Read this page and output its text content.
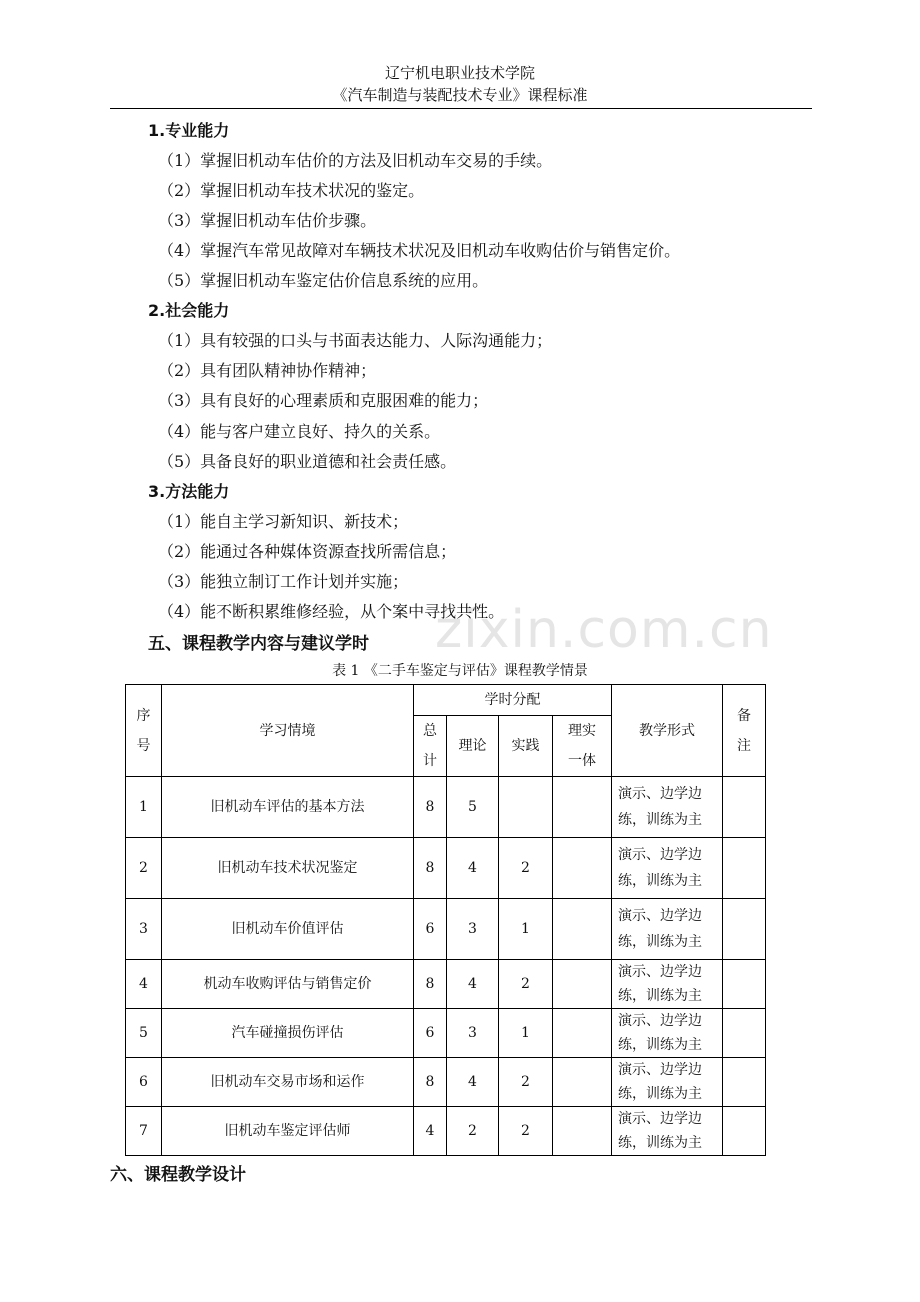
辽宁机电职业技术学院
《汽车制造与装配技术专业》课程标准
zixin.com.cn
1.专业能力
（1）掌握旧机动车估价的方法及旧机动车交易的手续。
（2）掌握旧机动车技术状况的鉴定。
（3）掌握旧机动车估价步骤。
（4）掌握汽车常见故障对车辆技术状况及旧机动车收购估价与销售定价。
（5）掌握旧机动车鉴定估价信息系统的应用。
2.社会能力
（1）具有较强的口头与书面表达能力、人际沟通能力；
（2）具有团队精神协作精神；
（3）具有良好的心理素质和克服困难的能力；
（4）能与客户建立良好、持久的关系。
（5）具备良好的职业道德和社会责任感。
3.方法能力
（1）能自主学习新知识、新技术；
（2）能通过各种媒体资源查找所需信息；
（3）能独立制订工作计划并实施；
（4）能不断积累维修经验，从个案中寻找共性。
五、课程教学内容与建议学时
表 1 《二手车鉴定与评估》课程教学情景
序号	学习情境	学时分配				教学形式	备注
		总计	理论	实践	理实一体		
1	旧机动车评估的基本方法	8	5			演示、边学边练，训练为主	
2	旧机动车技术状况鉴定	8	4	2		演示、边学边练，训练为主	
3	旧机动车价值评估	6	3	1		演示、边学边练，训练为主	
4	机动车收购评估与销售定价	8	4	2		演示、边学边练，训练为主	
5	汽车碰撞损伤评估	6	3	1		演示、边学边练，训练为主	
6	旧机动车交易市场和运作	8	4	2		演示、边学边练，训练为主	
7	旧机动车鉴定评估师	4	2	2		演示、边学边练，训练为主	
六、课程教学设计
